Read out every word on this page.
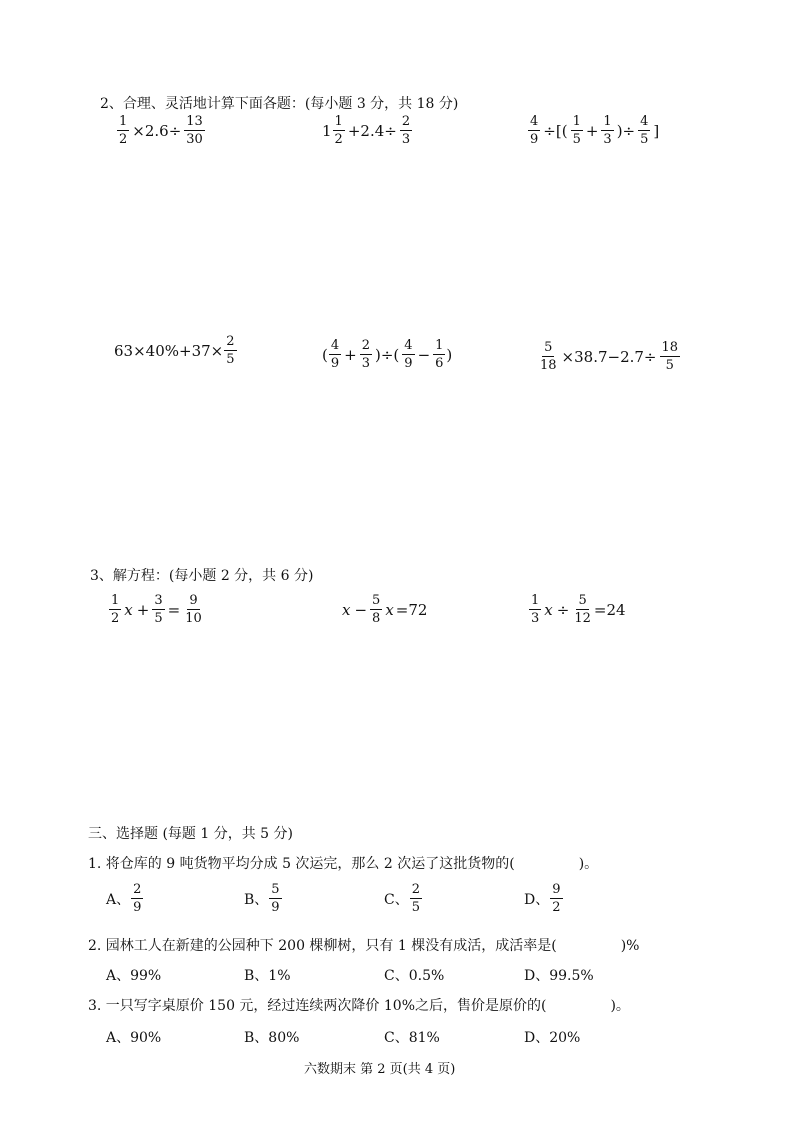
2、合理、灵活地计算下面各题：(每小题 3 分，共 18 分)
$\frac{1}{2} \times 2.6\div \frac{13}{30}$	$1 \frac{1}{2} +2.4\div \frac{2}{3}$	$\frac{4}{9}$ ÷[( $\frac{1}{5} + \frac{1}{3}$ )÷ $\frac{4}{5}$ ]
$63\times 40\%+37\times \frac{2}{5}$	( $\frac{4}{9} + \frac{2}{3}$ )÷( $\frac{4}{9} - \frac{1}{6}$ )	$\frac{5}{18} \times 38.7-2.7\div \frac{18}{5}$
3、解方程：(每小题 2 分，共 6 分)
$\frac{1}{2}$ $x + \frac{3}{5} = \frac{9}{10}$	$x - \frac{5}{8}$ x =72	$\frac{1}{3}$ $x \div \frac{5}{12} =24$
三、选择题 (每题 1 分，共 5 分)
1. 将仓库的 9 吨货物平均分成 5 次运完，那么 2 次运了这批货物的(	)。
A、 $\frac{2}{9}$	B、 $\frac{5}{9}$	C、 $\frac{2}{5}$	D、 $\frac{9}{2}$
2. 园林工人在新建的公园种下 200 棵柳树，只有 1 棵没有成活，成活率是(	)%
A、99%	B、1%	C、0.5%	D、99.5%
3. 一只写字桌原价 150 元，经过连续两次降价 10%之后，售价是原价的(	)。
A、90%	B、80%	C、81%	D、20%
六数期末 第 2 页(共 4 页)
